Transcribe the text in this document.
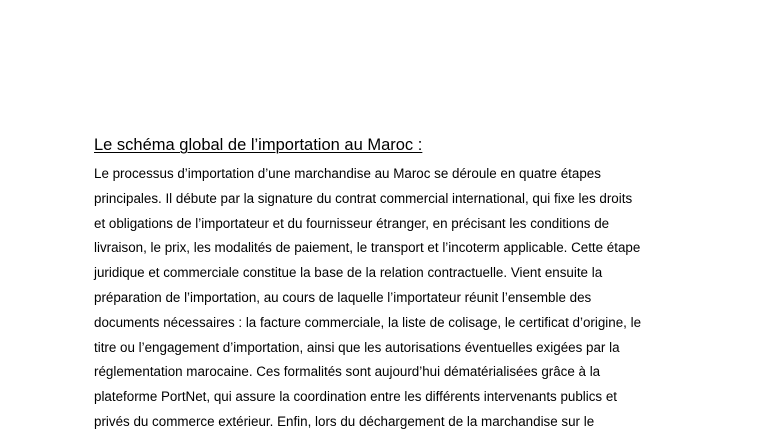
Le schéma global de l’importation au Maroc :
Le processus d’importation d’une marchandise au Maroc se déroule en quatre étapes
principales. Il débute par la signature du contrat commercial international, qui fixe les droits
et obligations de l’importateur et du fournisseur étranger, en précisant les conditions de
livraison, le prix, les modalités de paiement, le transport et l’incoterm applicable. Cette étape
juridique et commerciale constitue la base de la relation contractuelle. Vient ensuite la
préparation de l’importation, au cours de laquelle l’importateur réunit l’ensemble des
documents nécessaires : la facture commerciale, la liste de colisage, le certificat d’origine, le
titre ou l’engagement d’importation, ainsi que les autorisations éventuelles exigées par la
réglementation marocaine. Ces formalités sont aujourd’hui dématérialisées grâce à la
plateforme PortNet, qui assure la coordination entre les différents intervenants publics et
privés du commerce extérieur. Enfin, lors du déchargement de la marchandise sur le
